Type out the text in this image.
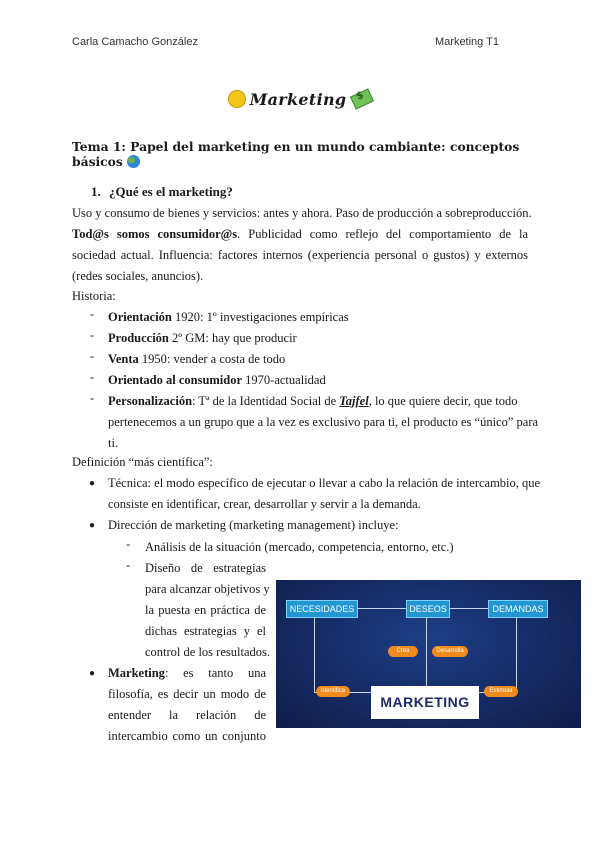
Carla Camacho González	Marketing T1
Marketing$
Tema 1: Papel del marketing en un mundo cambiante: conceptos básicos
1. ¿Qué es el marketing?
Uso y consumo de bienes y servicios: antes y ahora. Paso de producción a sobreproducción.
Tod@s somos consumidor@s. Publicidad como reflejo del comportamiento de la sociedad actual. Influencia: factores internos (experiencia personal o gustos) y externos (redes sociales, anuncios).
Historia:
- Orientación 1920: 1º investigaciones empíricas
- Producción 2º GM: hay que producir
- Venta 1950: vender a costa de todo
- Orientado al consumidor 1970-actualidad
- Personalización: Tª de la Identidad Social de Tajfel, lo que quiere decir, que todo
pertenecemos a un grupo que a la vez es exclusivo para ti, el producto es “único” para
ti.
Definición “más científica”:
● Técnica: el modo específico de ejecutar o llevar a cabo la relación de intercambio, que
consiste en identificar, crear, desarrollar y servir a la demanda.
● Dirección de marketing (marketing management) incluye:
- Análisis de la situación (mercado, competencia, entorno, etc.)
- Diseño de estrategias
para alcanzar objetivos y
la puesta en práctica de
dichas estrategias y el
control de los resultados.
● Marketing: es tanto una
filosofía, es decir un modo de
entender la relación de
intercambio como un conjunto
NECESIDADES	DESEOS	DEMANDAS
Crea	Desarrolla
Identifica	Estimula
MARKETING
